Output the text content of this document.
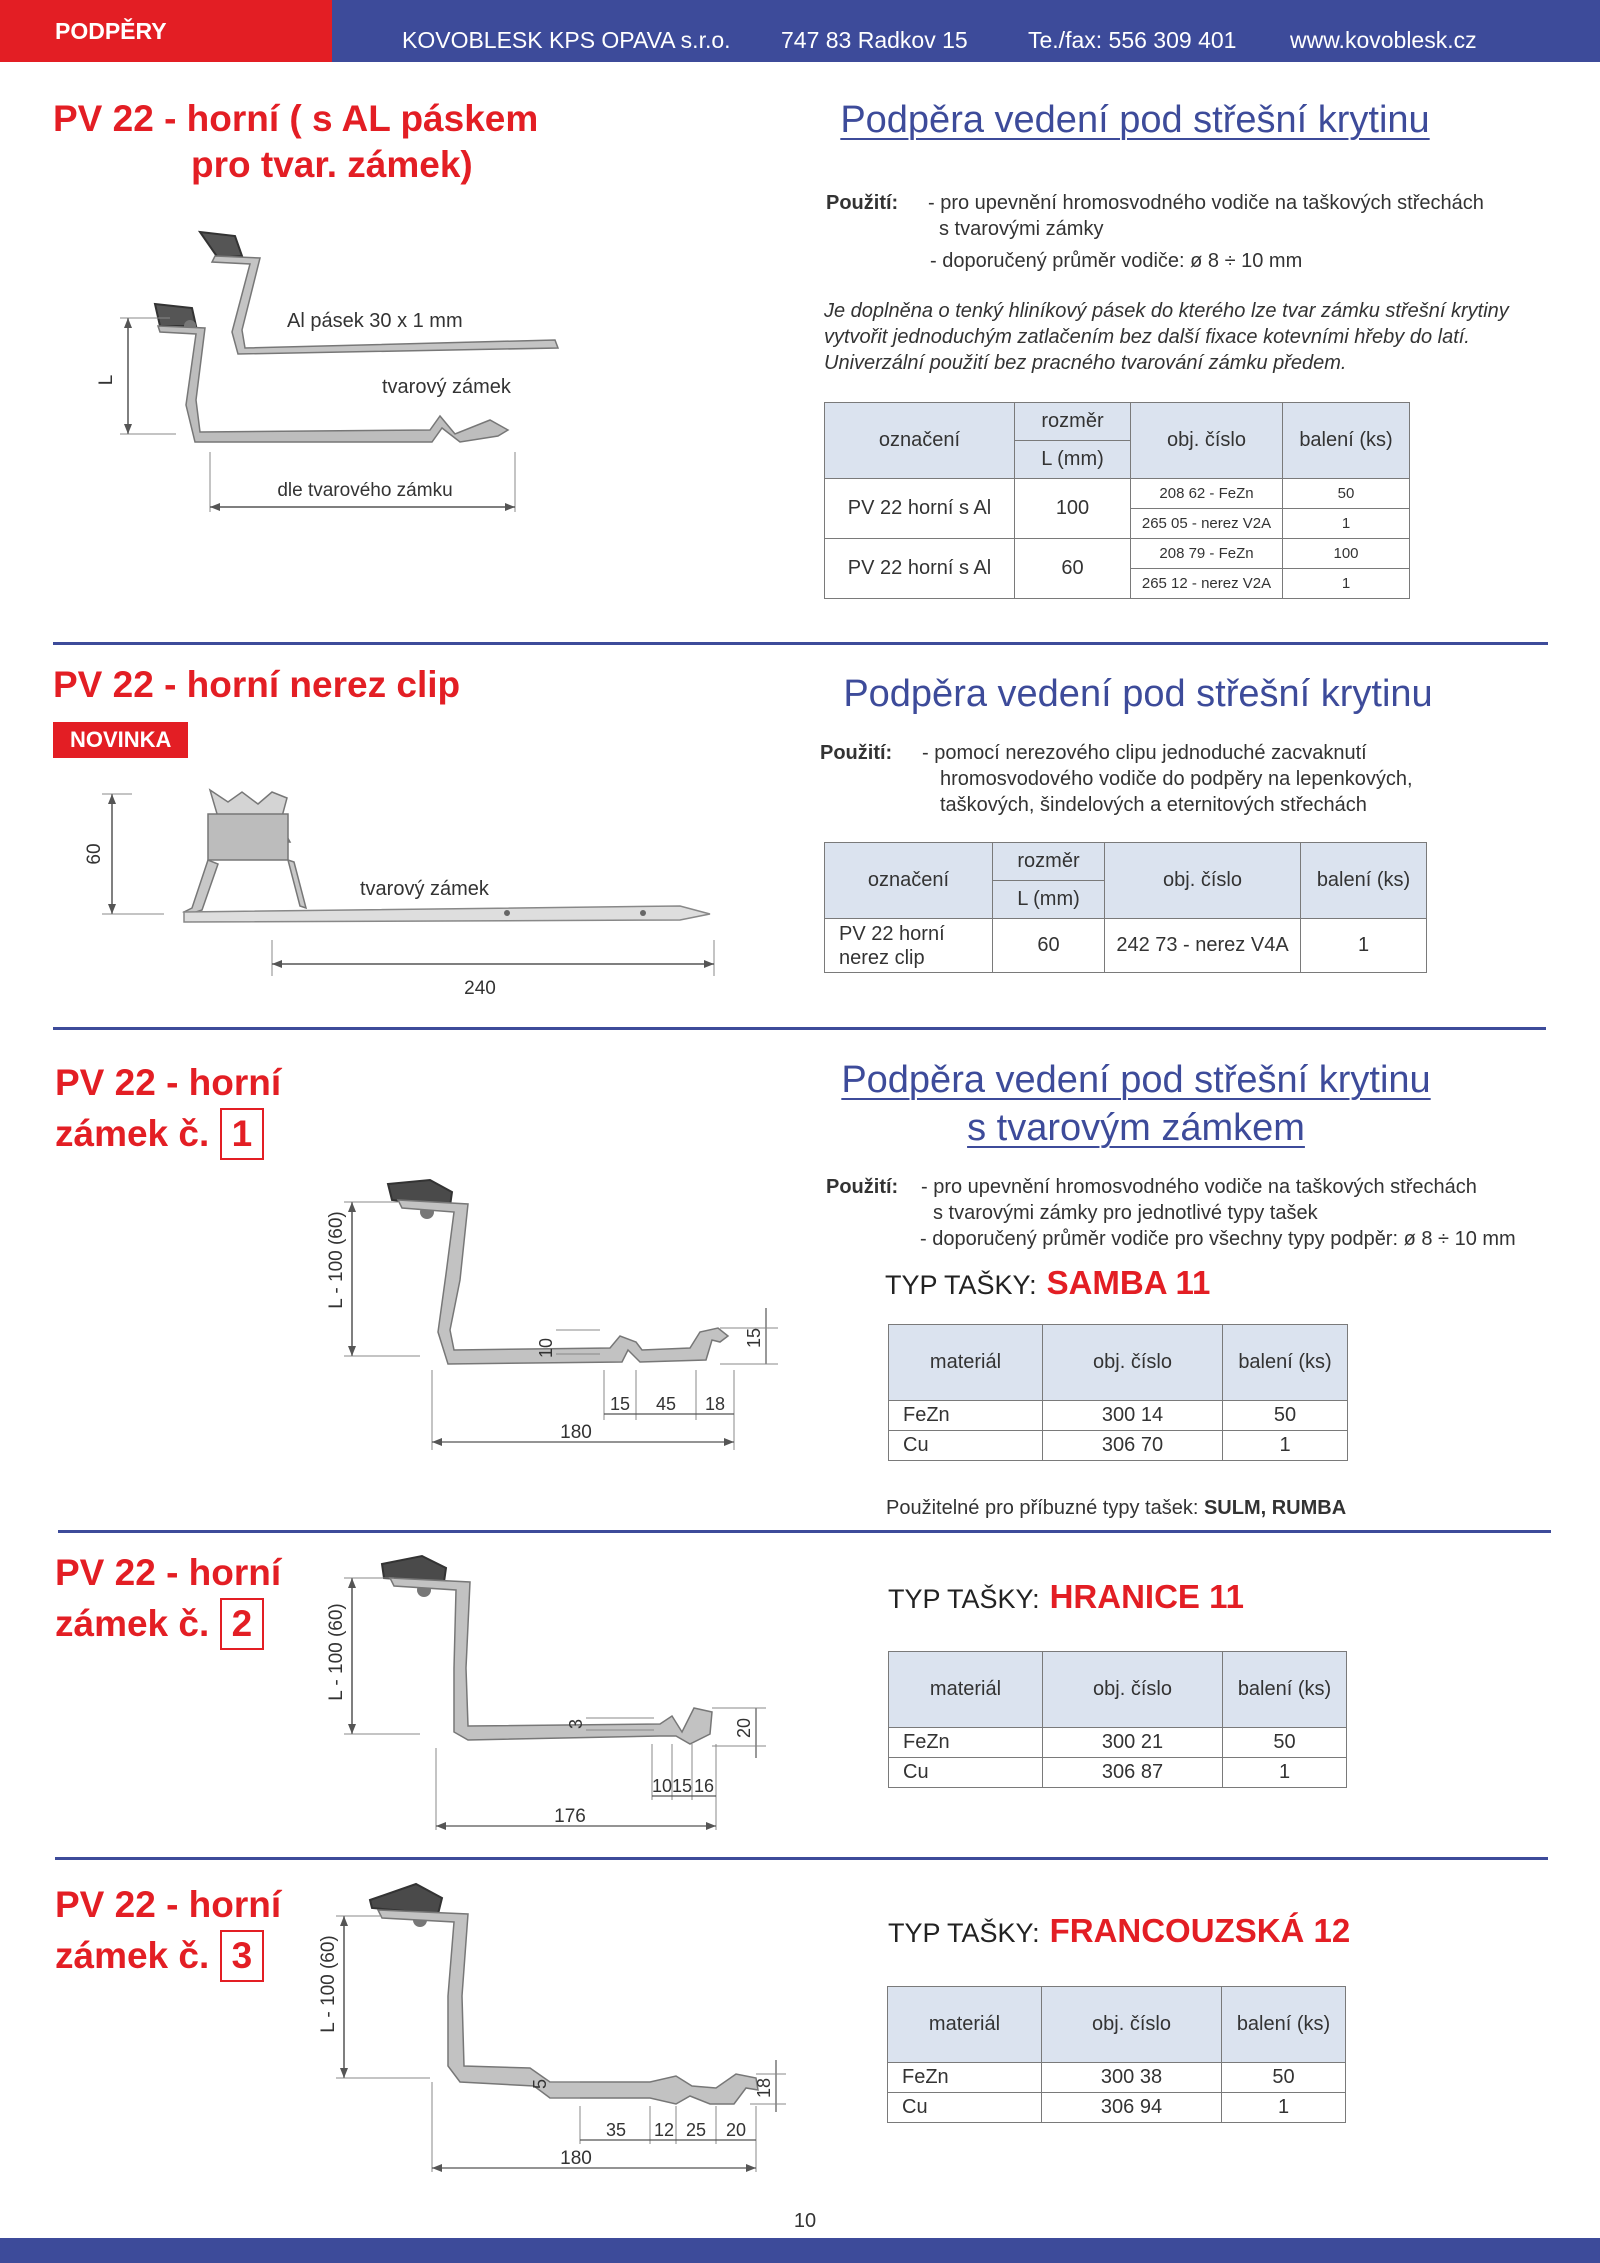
PODPĚRY	KOVOBLESK KPS OPAVA s.r.o. 747 83 Radkov 15	Te./fax: 556 309 401 www.kovoblesk.cz
PV 22 - horní ( s AL páskem
pro tvar. zámek)
L
dle tvarového zámku
Al pásek 30 x 1 mm
tvarový zámek
Podpěra vedení pod střešní krytinu
Použití: - pro upevnění hromosvodného vodiče na taškových střechách
s tvarovými zámky
- doporučený průměr vodiče: ø 8 ÷ 10 mm
Je doplněna o tenký hliníkový pásek do kterého lze tvar zámku střešní krytiny
vytvořit jednoduchým zatlačením bez další fixace kotevními hřeby do latí.
Univerzální použití bez pracného tvarování zámku předem.
označení	rozměr	obj. číslo	balení (ks)
	L (mm)		
PV 22 horní s Al	100	208 62 - FeZn	50
		265 05 - nerez V2A	1
PV 22 horní s Al	60	208 79 - FeZn	100
		265 12 - nerez V2A	1
PV 22 - horní nerez clip
NOVINKA
60
240
tvarový zámek
Podpěra vedení pod střešní krytinu
Použití: - pomocí nerezového clipu jednoduché zacvaknutí
hromosvodového vodiče do podpěry na lepenkových,
taškových, šindelových a eternitových střechách
označení	rozměr	obj. číslo	balení (ks)
	L (mm)		

PV 22 horní
nerez clip	60	242 73 - nerez V4A	1
PV 22 - horní
zámek č. 1
L - 100 (60)
10	15
15 45 18
180
Podpěra vedení pod střešní krytinu
s tvarovým zámkem
Použití: - pro upevnění hromosvodného vodiče na taškových střechách
s tvarovými zámky pro jednotlivé typy tašek
- doporučený průměr vodiče pro všechny typy podpěr: ø 8 ÷ 10 mm
TYP TAŠKY: SAMBA 11
materiál	obj. číslo	balení (ks)
FeZn	300 14	50
Cu	306 70	1
Použitelné pro příbuzné typy tašek: SULM, RUMBA
PV 22 - horní
zámek č. 2	L - 100 (60)
3	20
10 15 16
176
TYP TAŠKY: HRANICE 11
materiál	obj. číslo	balení (ks)
FeZn	300 21	50
Cu	306 87	1
PV 22 - horní
zámek č. 3	L - 100 (60)
5	18
35 12 25 20
180
TYP TAŠKY: FRANCOUZSKÁ 12
materiál	obj. číslo	balení (ks)
FeZn	300 38	50
Cu	306 94	1
10
